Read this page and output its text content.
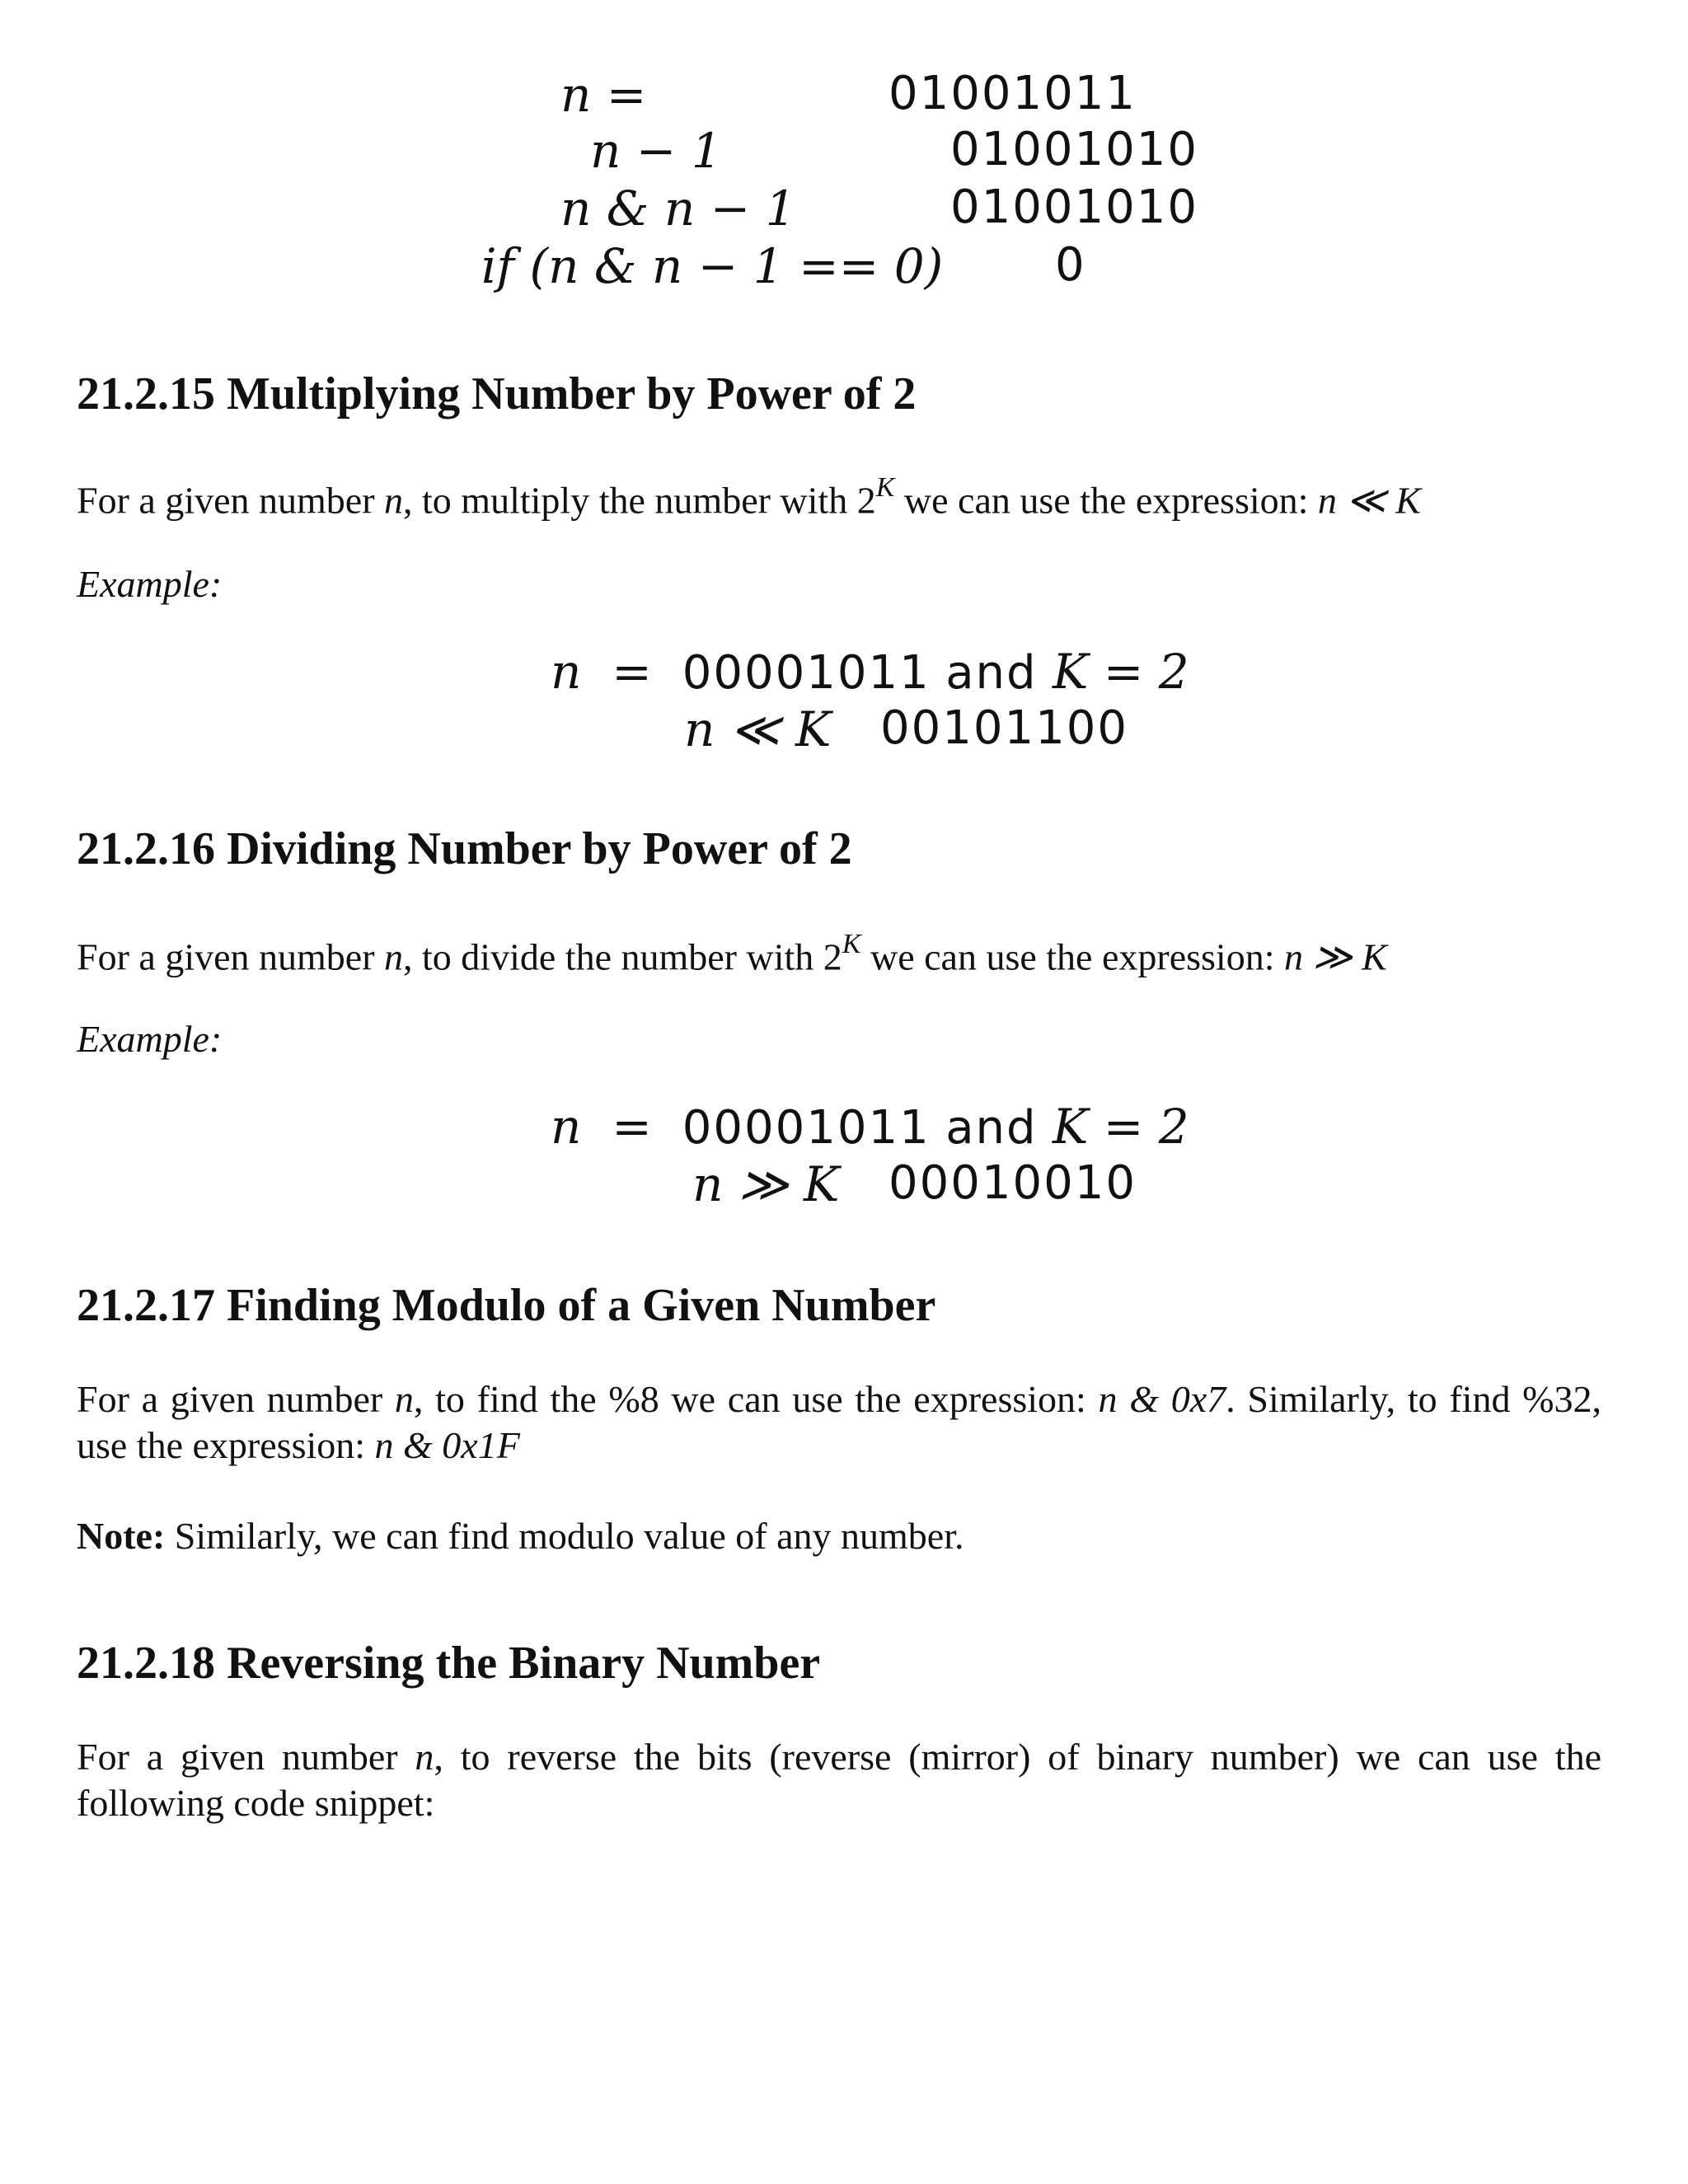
n =	01001011
n − 1	01001010
n & n − 1	01001010
if (n & n − 1 == 0) 0
21.2.15 Multiplying Number by Power of 2
For a given number n, to multiply the number with $2^K$ we can use the expression: n ≪ K
Example:
n = 00001011 and K = 2
n ≪ K 00101100
21.2.16 Dividing Number by Power of 2
For a given number n, to divide the number with $2^K$ we can use the expression: n ≫ K
Example:
n = 00001011 and K = 2
n ≫ K 00010010
21.2.17 Finding Modulo of a Given Number
For a given number n, to find the %8 we can use the expression: n & 0x7. Similarly, to find %32, use the expression: n & 0x1F
Note: Similarly, we can find modulo value of any number.
21.2.18 Reversing the Binary Number
For a given number n, to reverse the bits (reverse (mirror) of binary number) we can use the following code snippet:
